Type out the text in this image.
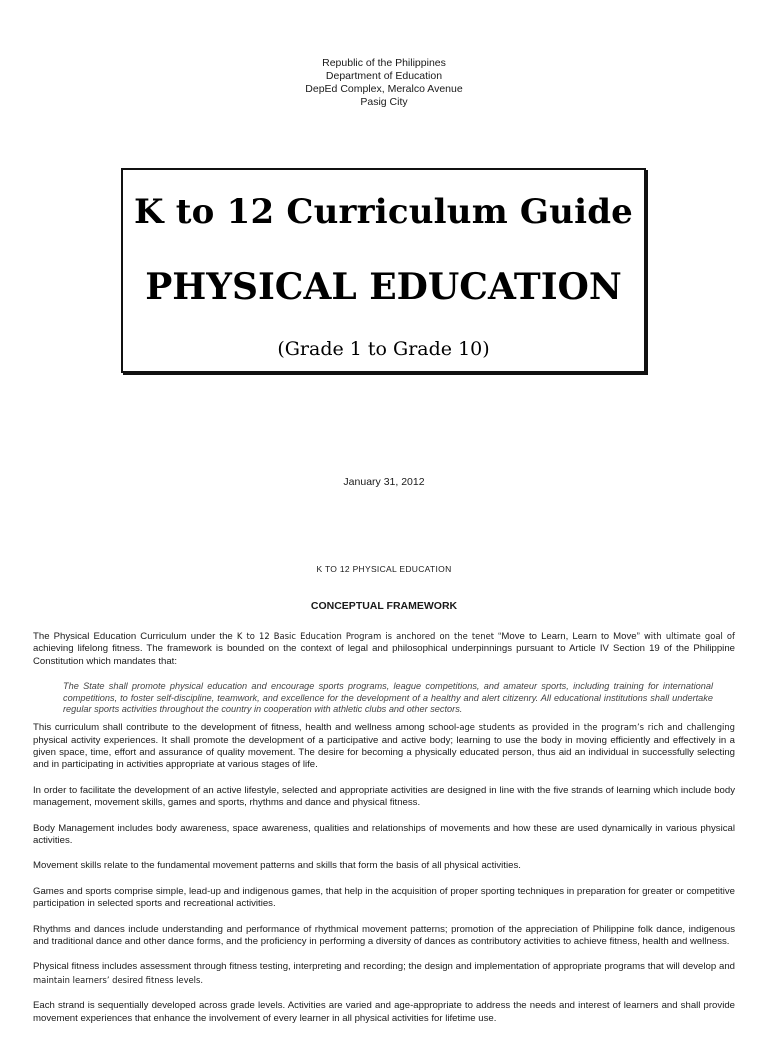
Republic of the Philippines
Department of Education
DepEd Complex, Meralco Avenue
Pasig City
K to 12 Curriculum Guide
PHYSICAL EDUCATION
(Grade 1 to Grade 10)
January 31, 2012
K TO 12 PHYSICAL EDUCATION
CONCEPTUAL FRAMEWORK

The Physical Education Curriculum under the K to 12 Basic Education Program is anchored on the tenet “Move to Learn, Learn to Move” with ultimate goal of achieving lifelong fitness. The framework is bounded on the context of legal and philosophical underpinnings pursuant to Article IV Section 19 of the Philippine Constitution which mandates that:

The State shall promote physical education and encourage sports programs, league competitions, and amateur sports, including training for international competitions, to foster self-discipline, teamwork, and excellence for the development of a healthy and alert citizenry. All educational institutions shall undertake regular sports activities throughout the country in cooperation with athletic clubs and other sectors.

This curriculum shall contribute to the development of fitness, health and wellness among school-age students as provided in the program’s rich and challenging physical activity experiences. It shall promote the development of a participative and active body; learning to use the body in moving efficiently and effectively in a given space, time, effort and assurance of quality movement. The desire for becoming a physically educated person, thus aid an individual in successfully selecting and in participating in activities appropriate at various stages of life.

In order to facilitate the development of an active lifestyle, selected and appropriate activities are designed in line with the five strands of learning which include body management, movement skills, games and sports, rhythms and dance and physical fitness.

Body Management includes body awareness, space awareness, qualities and relationships of movements and how these are used dynamically in various physical activities.

Movement skills relate to the fundamental movement patterns and skills that form the basis of all physical activities.

Games and sports comprise simple, lead-up and indigenous games, that help in the acquisition of proper sporting techniques in preparation for greater or competitive participation in selected sports and recreational activities.

Rhythms and dances include understanding and performance of rhythmical movement patterns; promotion of the appreciation of Philippine folk dance, indigenous and traditional dance and other dance forms, and the proficiency in performing a diversity of dances as contributory activities to achieve fitness, health and wellness.

Physical fitness includes assessment through fitness testing, interpreting and recording; the design and implementation of appropriate programs that will develop and maintain learners’ desired fitness levels.

Each strand is sequentially developed across grade levels. Activities are varied and age-appropriate to address the needs and interest of learners and shall provide movement experiences that enhance the involvement of every learner in all physical activities for lifetime use.
